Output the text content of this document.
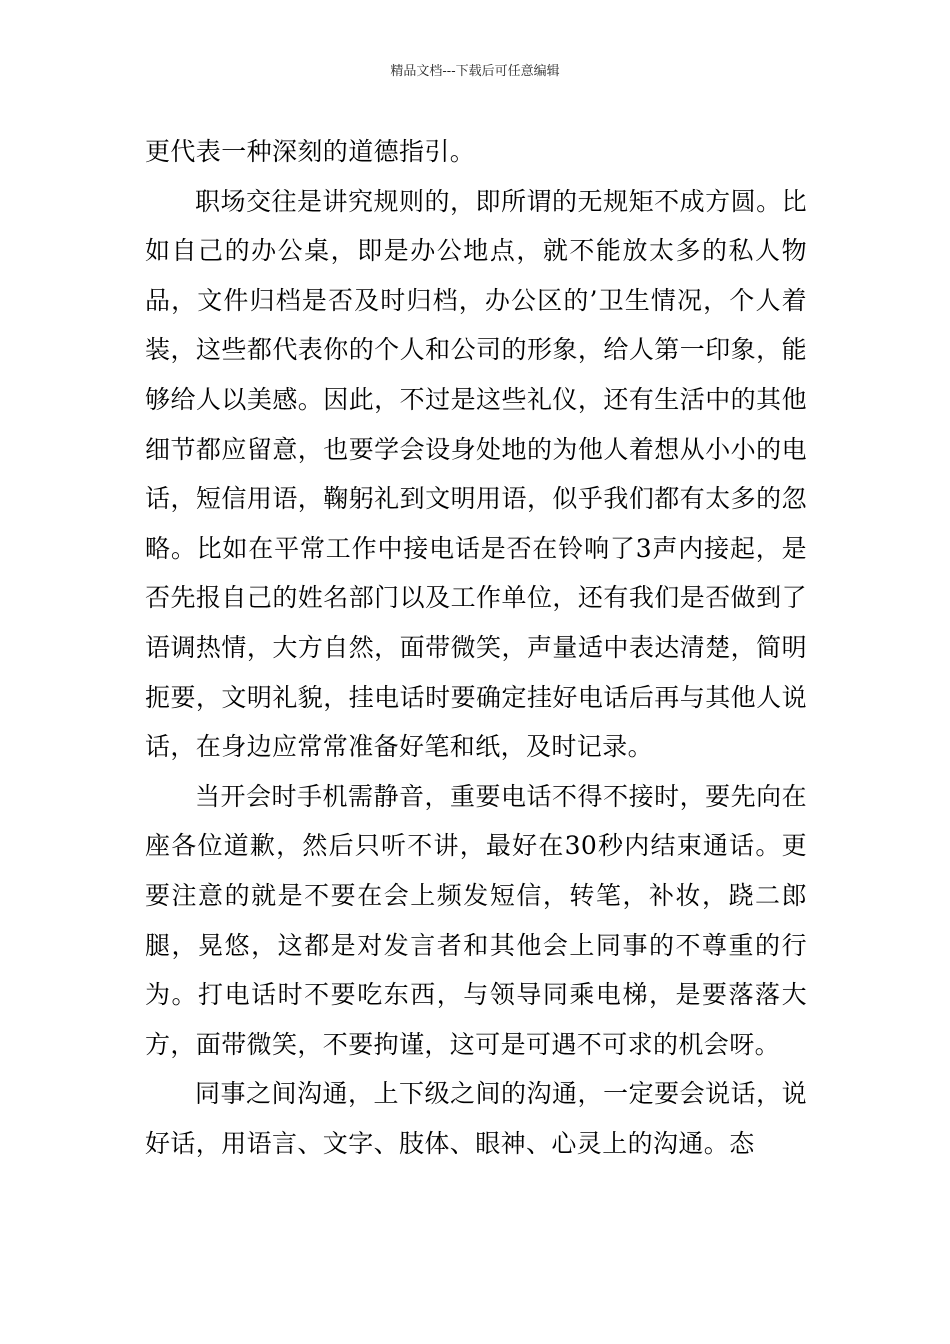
精品文档---下载后可任意编辑

更代表一种深刻的道德指引。

职场交往是讲究规则的，即所谓的无规矩不成方圆。比如自己的办公桌，即是办公地点，就不能放太多的私人物品，文件归档是否及时归档，办公区的’卫生情况，个人着装，这些都代表你的个人和公司的形象，给人第一印象，能够给人以美感。因此，不过是这些礼仪，还有生活中的其他细节都应留意，也要学会设身处地的为他人着想从小小的电话，短信用语，鞠躬礼到文明用语，似乎我们都有太多的忽略。比如在平常工作中接电话是否在铃响了3声内接起，是否先报自己的姓名部门以及工作单位，还有我们是否做到了语调热情，大方自然，面带微笑，声量适中表达清楚，简明扼要，文明礼貌，挂电话时要确定挂好电话后再与其他人说话，在身边应常常准备好笔和纸，及时记录。

当开会时手机需静音，重要电话不得不接时，要先向在座各位道歉，然后只听不讲，最好在30秒内结束通话。更要注意的就是不要在会上频发短信，转笔，补妆，跷二郎腿，晃悠，这都是对发言者和其他会上同事的不尊重的行为。打电话时不要吃东西，与领导同乘电梯，是要落落大方，面带微笑，不要拘谨，这可是可遇不可求的机会呀。

同事之间沟通，上下级之间的沟通，一定要会说话，说好话，用语言、文字、肢体、眼神、心灵上的沟通。态
